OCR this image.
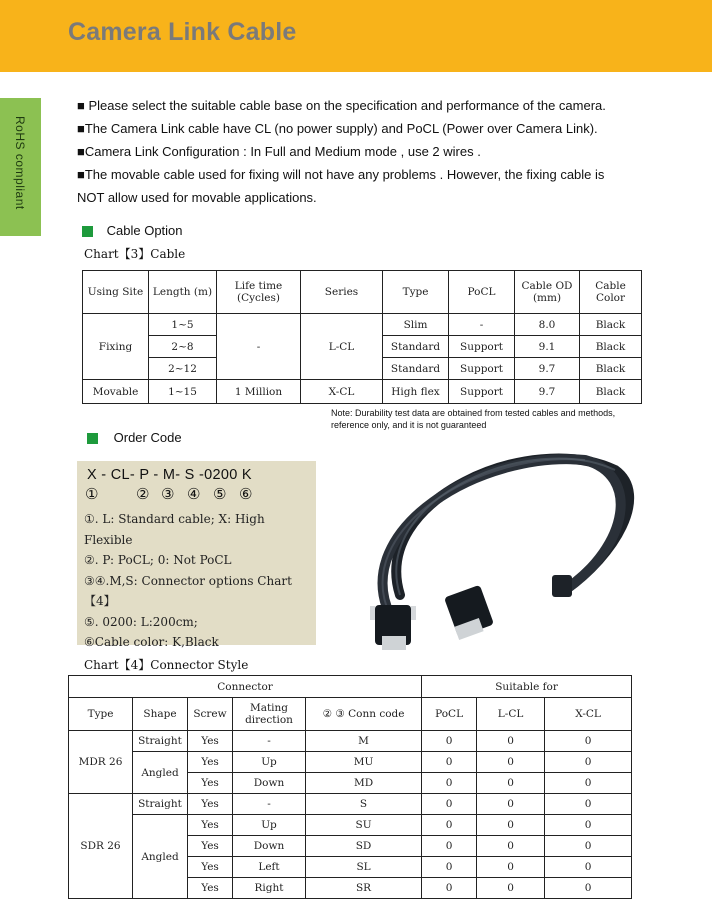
Camera Link Cable
RoHS compliant

■ Please select the suitable cable base on the specification and performance of the camera.

■The Camera Link cable have CL (no power supply) and PoCL (Power over Camera Link).

■Camera Link Configuration : In Full and Medium mode , use 2 wires .

■The movable cable used for fixing will not have any problems . However, the fixing cable is

NOT allow used for movable applications.

Cable Option
Chart【3】Cable
Using Site	Length (m)	Life time (Cycles)	Series	Type	PoCL	Cable OD (mm)	Cable Color
Fixing	1~5	-	L-CL	Slim	-	8.0	Black
	2~8			Standard	Support	9.1	Black
	2~12			Standard	Support	9.7	Black
Movable	1~15	1 Million	X-CL	High flex	Support	9.7	Black
Note: Durability test data are obtained from tested cables and methods, reference only, and it is not guaranteed
Order Code
X - CL- P - M- S -0200 K
①	② ③ ④ ⑤ ⑥

①. L: Standard cable; X: High Flexible

②. P: PoCL; 0: Not PoCL

③④.M,S: Connector options Chart【4】

⑤. 0200: L:200cm;

⑥Cable color: K,Black

Chart【4】Connector Style
Connector					Suitable for		
Type	Shape	Screw	Mating direction	② ③ Conn code	PoCL	L-CL	X-CL
MDR 26	Straight	Yes	-	M	0	0	0
	Angled	Yes	Up	MU	0	0	0
		Yes	Down	MD	0	0	0
SDR 26	Straight	Yes	-	S	0	0	0
	Angled	Yes	Up	SU	0	0	0
		Yes	Down	SD	0	0	0
		Yes	Left	SL	0	0	0
		Yes	Right	SR	0	0	0
